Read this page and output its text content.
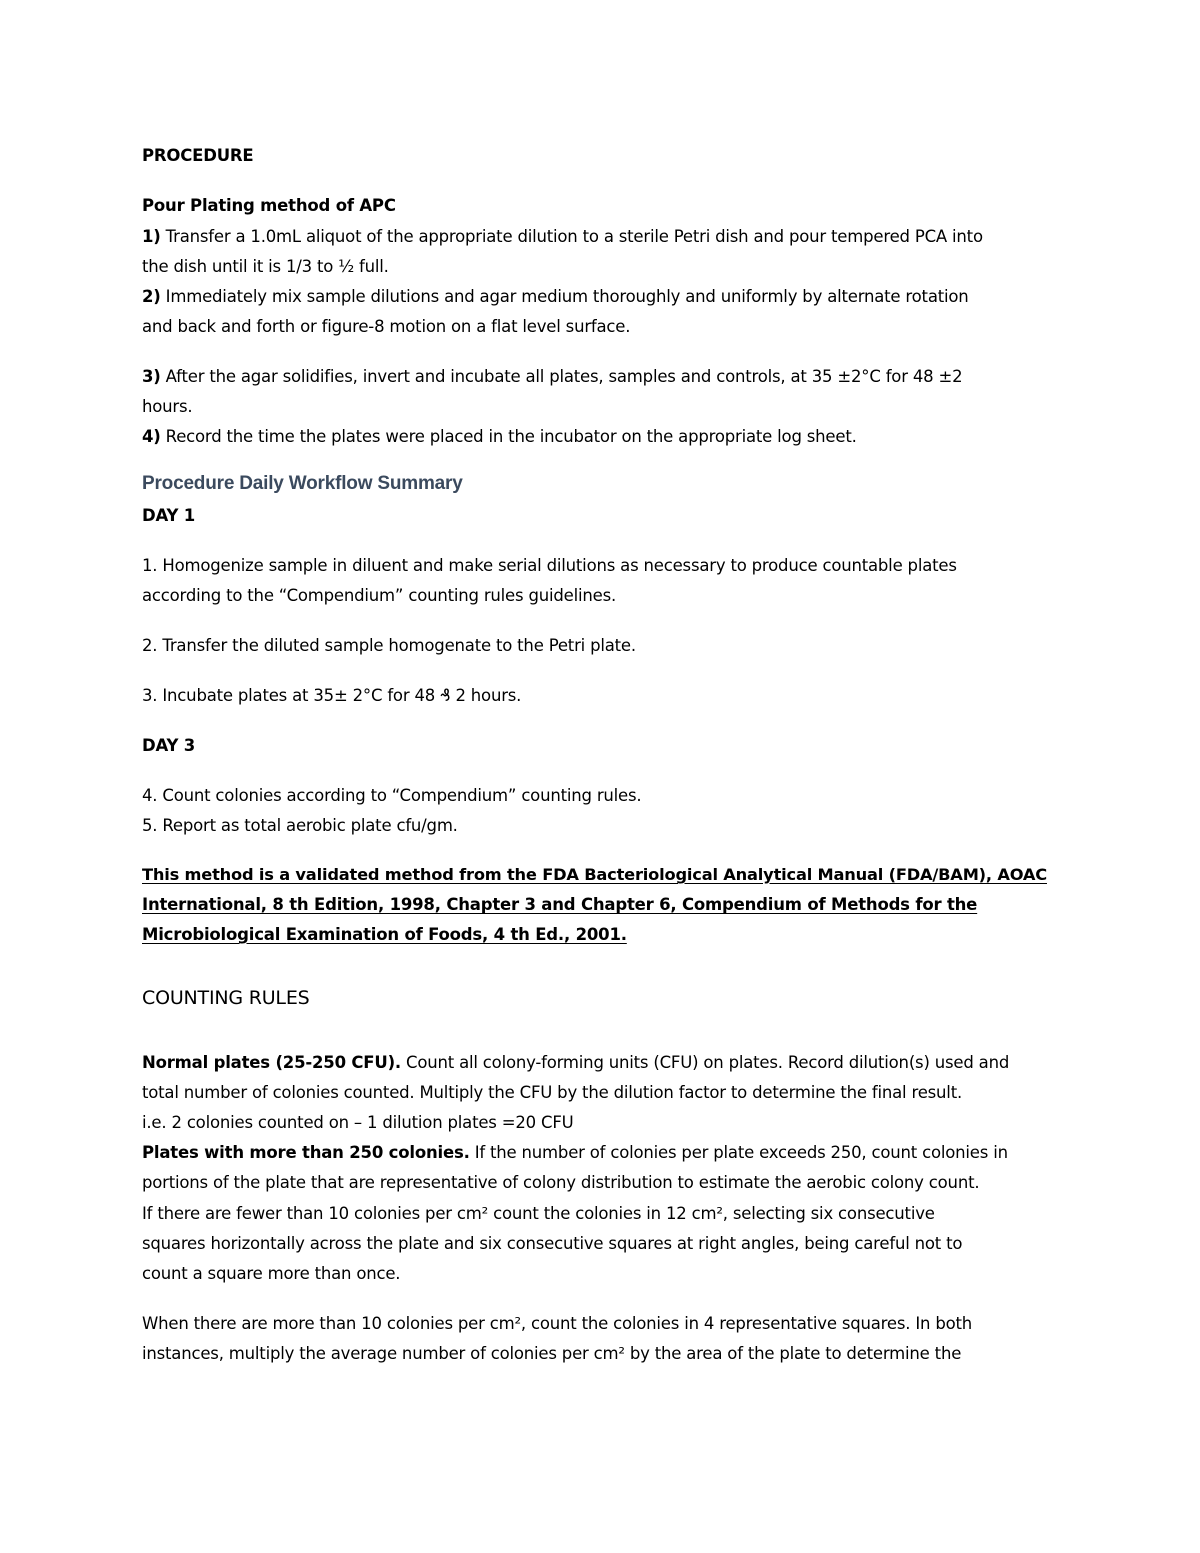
PROCEDURE
Pour Plating method of APC
1) Transfer a 1.0mL aliquot of the appropriate dilution to a sterile Petri dish and pour tempered PCA into
the dish until it is 1/3 to ½ full.
2) Immediately mix sample dilutions and agar medium thoroughly and uniformly by alternate rotation
and back and forth or figure-8 motion on a flat level surface.
3) After the agar solidifies, invert and incubate all plates, samples and controls, at 35 ±2°C for 48 ±2
hours.
4) Record the time the plates were placed in the incubator on the appropriate log sheet.
Procedure Daily Workflow Summary
DAY 1
1. Homogenize sample in diluent and make serial dilutions as necessary to produce countable plates
according to the “Compendium” counting rules guidelines.
2. Transfer the diluted sample homogenate to the Petri plate.
3. Incubate plates at 35± 2°C for 48 ₰ 2 hours.
DAY 3
4. Count colonies according to “Compendium” counting rules.
5. Report as total aerobic plate cfu/gm.
This method is a validated method from the FDA Bacteriological Analytical Manual (FDA/BAM), AOAC
International, 8 th Edition, 1998, Chapter 3 and Chapter 6, Compendium of Methods for the
Microbiological Examination of Foods, 4 th Ed., 2001.
COUNTING RULES
Normal plates (25-250 CFU). Count all colony-forming units (CFU) on plates. Record dilution(s) used and
total number of colonies counted. Multiply the CFU by the dilution factor to determine the final result.
i.e. 2 colonies counted on – 1 dilution plates =20 CFU
Plates with more than 250 colonies. If the number of colonies per plate exceeds 250, count colonies in
portions of the plate that are representative of colony distribution to estimate the aerobic colony count.
If there are fewer than 10 colonies per cm² count the colonies in 12 cm², selecting six consecutive
squares horizontally across the plate and six consecutive squares at right angles, being careful not to
count a square more than once.
When there are more than 10 colonies per cm², count the colonies in 4 representative squares. In both
instances, multiply the average number of colonies per cm² by the area of the plate to determine the
